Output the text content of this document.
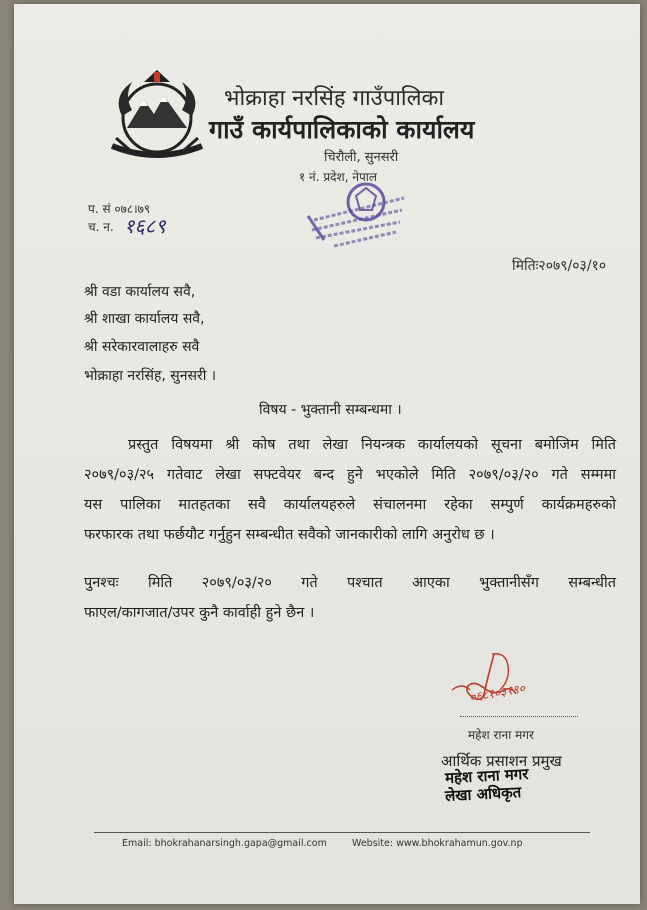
भोक्राहा नरसिंह गाउँपालिका
गाउँ कार्यपालिकाको कार्यालय
चिरौली, सुनसरी
१ नं. प्रदेश, नेपाल
प. सं ०७८।७९
च. न. १६८९
मितिः२०७९/०३/१०
श्री वडा कार्यालय सवै,
श्री शाखा कार्यालय सवै,
श्री सरेकारवालाहरु सवै
भोक्राहा नरसिंह, सुनसरी ।
विषय - भुक्तानी सम्बन्धमा ।
प्रस्तुत विषयमा श्री कोष तथा लेखा नियन्त्रक कार्यालयको सूचना बमोजिम मिति
२०७९/०३/२५ गतेवाट लेखा सफ्टवेयर बन्द हुने भएकोले मिति २०७९/०३/२० गते सम्ममा
यस पालिका मातहतका सवै कार्यालयहरुले संचालनमा रहेका सम्पुर्ण कार्यक्रमहरुको
फरफारक तथा फर्छयौट गर्नुहुन सम्बन्धीत सवैको जानकारीको लागि अनुरोध छ ।
पुनश्चः मिति २०७९/०३/२० गते पश्चात आएका भुक्तानीसँग सम्बन्धीत
फाएल/कागजात/उपर कुनै कार्वाही हुने छैन ।
०६८१०३१९०
महेश राना मगर
आर्थिक प्रसाशन प्रमुख
महेश राना मगर
लेखा अधिकृत
Email: bhokrahanarsingh.gapa@gmail.com	Website: www.bhokrahamun.gov.np
